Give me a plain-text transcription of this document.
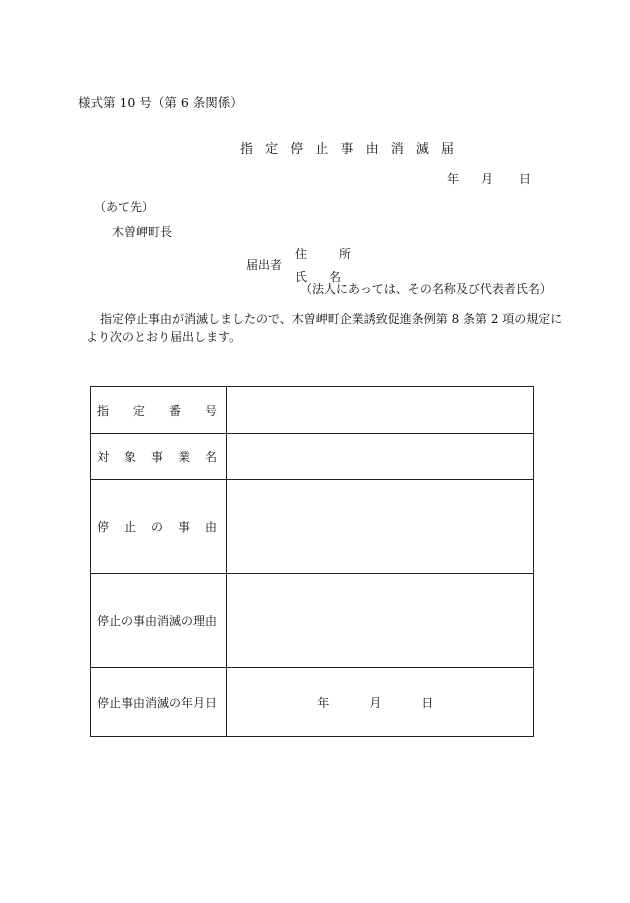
様式第 10 号（第 6 条関係）
指 定 停 止 事 由 消 滅 届
年 月 日
（あて先）
木曽岬町長
届出者
住	所
氏 名
（法人にあっては、その名称及び代表者氏名）
指定停止事由が消滅しましたので、木曽岬町企業誘致促進条例第 8 条第 2 項の規定に
より次のとおり届出します。
指 定 番 号	

対 象 事 業 名	

停 止 の 事 由	

停止の事由消滅の理由	
停止事由消滅の年月日	年 月 日
